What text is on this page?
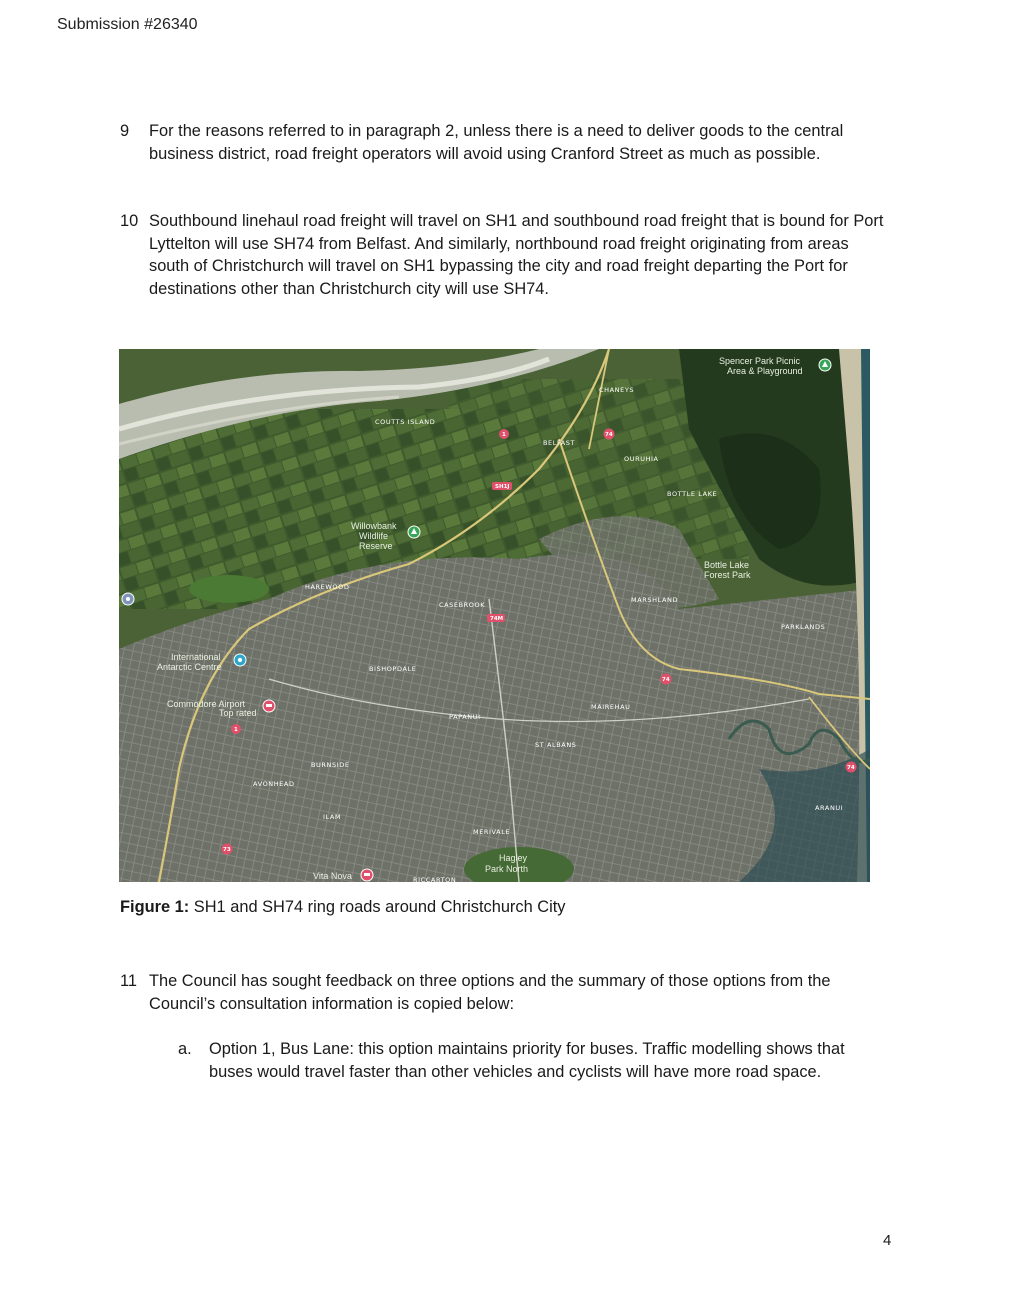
Submission #26340
9 For the reasons referred to in paragraph 2, unless there is a need to deliver goods to the central business district, road freight operators will avoid using Cranford Street as much as possible.
10 Southbound linehaul road freight will travel on SH1 and southbound road freight that is bound for Port Lyttelton will use SH74 from Belfast. And similarly, northbound road freight originating from areas south of Christchurch will travel on SH1 bypassing the city and road freight departing the Port for destinations other than Christchurch city will use SH74.
COUTTS ISLAND
BELFAST
CHANEYS
OURUHIA
BOTTLE LAKE
Spencer Park Picnic
Area & Playground
Willowbank
Wildlife
Reserve
Bottle Lake
Forest Park
HAREWOOD
CASEBROOK
MARSHLAND
PARKLANDS
International
Antarctic Centre	BISHOPDALE
Commodore Airport
Top rated	PAPANUI
MAIREHAU
ST ALBANS
BURNSIDE
AVONHEAD
ILAM
MERIVALE
ARANUI
Vita Nova	RICCARTON
Hagley
Park North
1	74
SH1J
74M
74
74
1
73
Figure 1: SH1 and SH74 ring roads around Christchurch City
11 The Council has sought feedback on three options and the summary of those options from the Council’s consultation information is copied below:
a. Option 1, Bus Lane: this option maintains priority for buses. Traffic modelling shows that buses would travel faster than other vehicles and cyclists will have more road space.
4
